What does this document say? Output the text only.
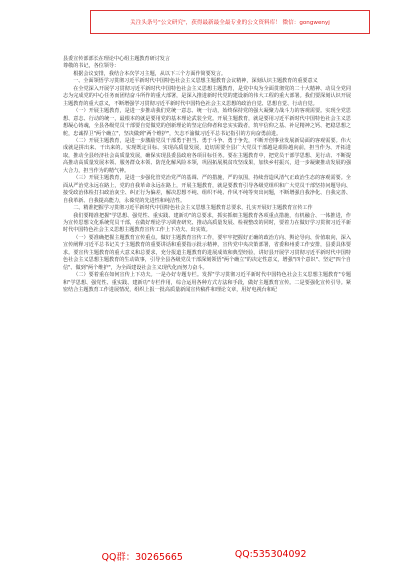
关注头条号"公文研究"，获得最新最全最专业的公文资料库！ 微信：gongwenyj

县委宣传部部长在理论中心组主题教育研讨发言

尊敬的书记，各位领导：

根据会议安排，我结合本次学习主题，从以下三个方面作简要发言。

一、全面领悟学习贯彻习近平新时代中国特色社会主义思想主题教育会议精神，深刻认识主题教育的重要意义

在全党深入开展学习贯彻习近平新时代中国特色社会主义思想主题教育，是党中央为全面贯彻党的二十大精神、动员全党同志为完成党的中心任务而团结奋斗所作的重大部署，是深入推进新时代党的建设新的伟大工程的重大部署。我们要深刻认识开展主题教育的重大意义，不断增强学习贯彻习近平新时代中国特色社会主义思想的政治自觉、思想自觉、行动自觉。

（一）开展主题教育，是进一步推动我们党统一意志、统一行动，始终保持党的强大凝聚力战斗力的客观需要。实现全党思想、意志、行动的统一，最根本的就是要用党的基本理论武装全党。开展主题教育，就是要用习近平新时代中国特色社会主义思想凝心铸魂，全县各级党员干部要自觉做党的创新理论的坚定信仰者和忠实实践者，筑牢信仰之基、补足精神之钙、把稳思想之舵，忠诚捍卫"两个确立"，坚决做到"两个维护"，矢志不渝做习近平总书记指引的方向奋勇前进。

（二）开展主题教育，是进一步激励党员干部勇于担当、勇于斗争、勇于争先，不断开创事业发展新局面的客观需要。伟大成就是拼出来、干出来的。实现既定目标、实现高质量发展，迫切需要全县广大党员干部越是艰险越向前，担当作为、开拓进取，推动全县经济社会高质量发展，确保实现县委县政府各项目标任务。要在主题教育中，把党员干部学思想、见行动、不断提高推动高质量发展本领、服务群众本领、防范化解风险本领，巩固拓展脱贫攻坚成果，加快乡村振兴，进一步凝聚推动发展的强大合力，担当作为的精气神。

（三）开展主题教育，是进一步强化管党治党严的基调、严的措施，严的氛围，持续营造风清气正政治生态的客观需要。全面从严治党永远在路上，党的自我革命永远在路上，开展主题教育，就是要教育引导各级党组织和广大党员干部坚持问题导向、接受政治体检打扫政治灰尘、纠正行为偏差，解决思想不纯、组织不纯、作风不纯等突出问题，不断增强自我净化、自我完善、自我革新、自我提高能力，永葆党的先进性和纯洁性。

二、精准把握学习贯彻习近平新时代中国特色社会主义思想主题教育总要求，扎实开展好主题教育宣传工作

我们要精准把握"学思想、强党性、重实践、建新功"的总要求，抓实抓细主题教育各项重点措施，有机融合、一体推进，作为宣传思想文化系统党员干部，在做好理论学习调查研究、推动高质量发展、检视整改的同时，要着力在做好学习贯彻习近平新时代中国特色社会主义思想主题教育宣传工作上下功夫、出实效。

（一）要准确把握主题教育宣传重点。做好主题教育宣传工作，要牢牢把握好正确的政治方向、舆论导向、价值取向，深入宣传阐释习近平总书记关于主题教育的重要讲话和重要指示批示精神，宣传党中央决策部署，省委和州委工作安排，县委具体要求。要宣传主题教育的重大意义和总要求，充分报道主题教育的进展成效和典型经验，讲好县开展学习贯彻习近平新时代中国特色社会主义思想主题教育的生动故事，引导全县各级党员干部深刻领悟"两个确立"的决定性意义，增强"四个意识"、坚定"四个自信"、做到"两个维护"，为全面建设社会主义现代化而努力奋斗。

（二）要着重在如何宣传上下功夫。一是办好专题专栏。发挥"学习贯彻习近平新时代中国特色社会主义思想主题教育"专题和"学思想、强党性、重实践、建新功"专栏作用，综合运用各种方式方法和手段，做好主题教育宣传。二是要强化宣传引导。紧密结合主题教育工作进展情况，组织上报一批高质量新闻宣传稿件和理论文章，用好电视台和纪

QQ群：30265665	QQ:535304092
